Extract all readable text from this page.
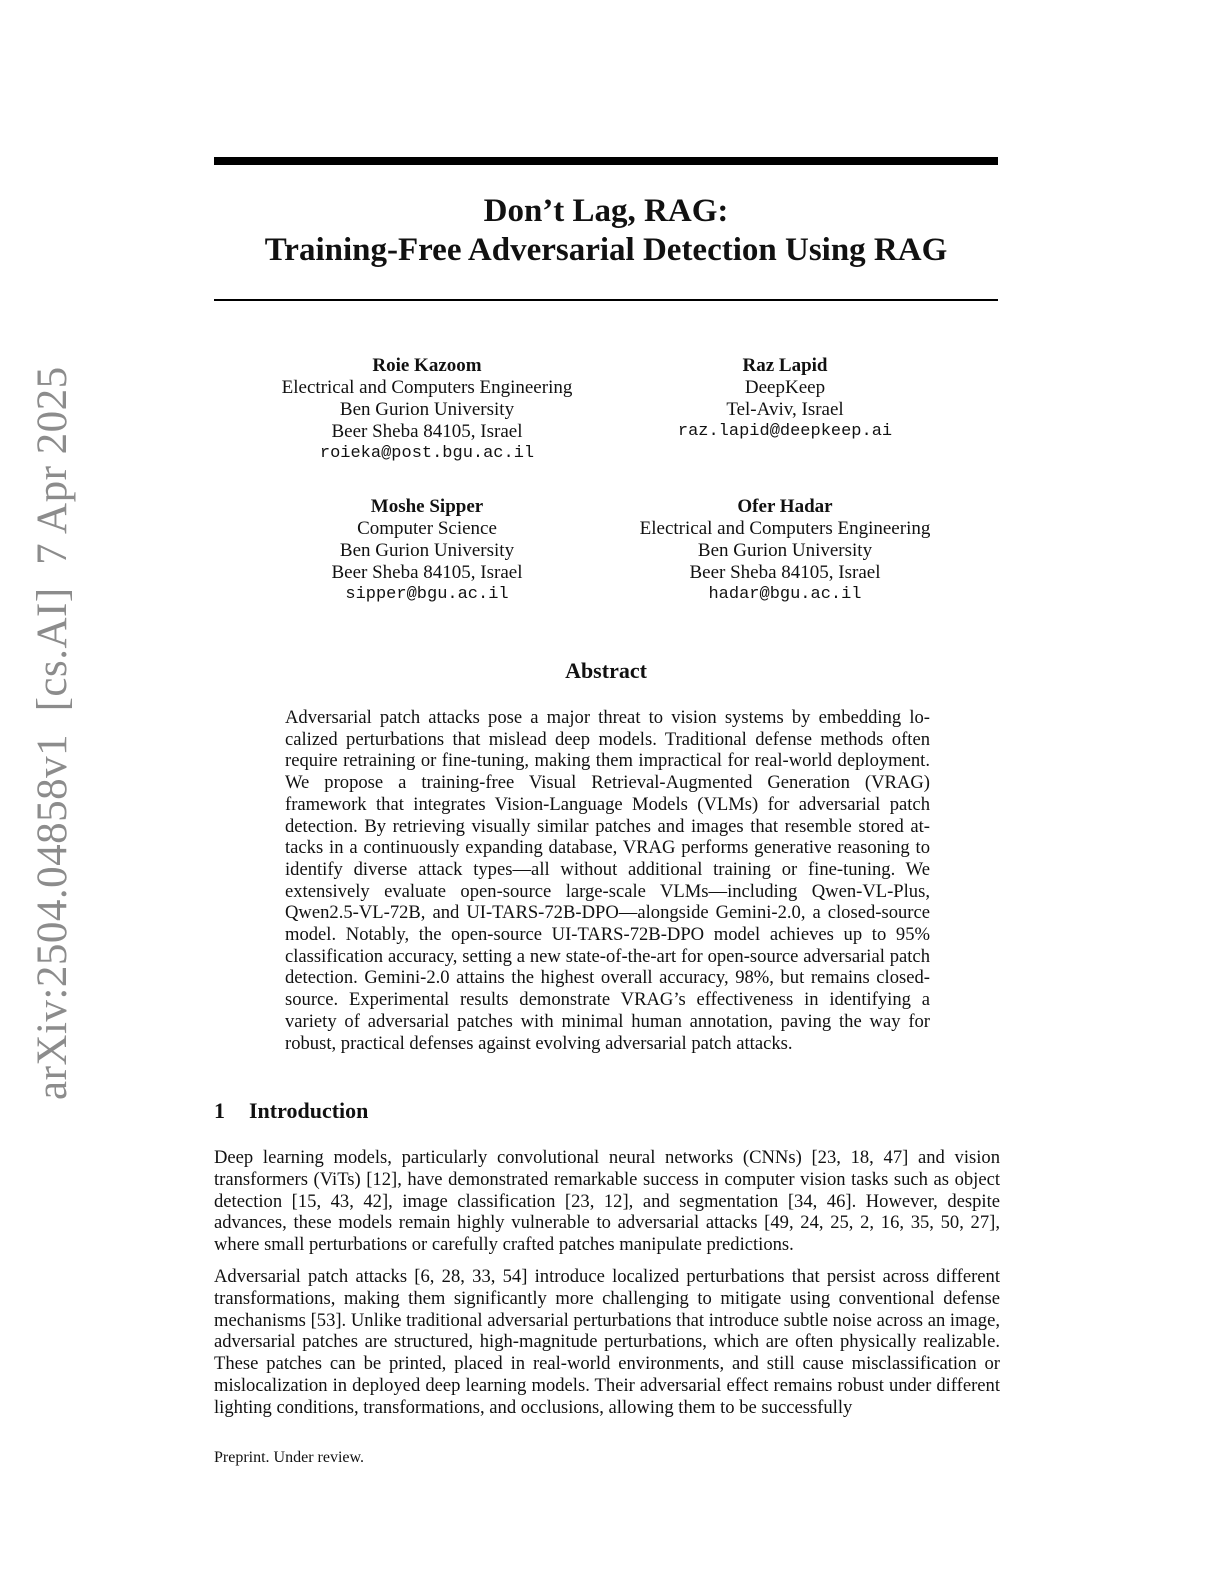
arXiv:2504.04858v1  [cs.AI]  7 Apr 2025
Don’t Lag, RAG:
Training-Free Adversarial Detection Using RAG
Roie Kazoom
Electrical and Computers Engineering
Ben Gurion University
Beer Sheba 84105, Israel
roieka@post.bgu.ac.il
Raz Lapid
DeepKeep
Tel-Aviv, Israel
raz.lapid@deepkeep.ai
Moshe Sipper
Computer Science
Ben Gurion University
Beer Sheba 84105, Israel
sipper@bgu.ac.il
Ofer Hadar
Electrical and Computers Engineering
Ben Gurion University
Beer Sheba 84105, Israel
hadar@bgu.ac.il
Abstract
Adversarial patch attacks pose a major threat to vision systems by embedding localized perturbations that mislead deep models. Traditional defense methods often require retraining or fine-tuning, making them impractical for real-world deployment. We propose a training-free Visual Retrieval-Augmented Generation (VRAG) framework that integrates Vision-Language Models (VLMs) for adversarial patch detection. By retrieving visually similar patches and images that resemble stored attacks in a continuously expanding database, VRAG performs generative reasoning to identify diverse attack types—all without additional training or fine-tuning. We extensively evaluate open-source large-scale VLMs—including Qwen-VL-Plus, Qwen2.5-VL-72B, and UI-TARS-72B-DPO—alongside Gemini-2.0, a closed-source model. Notably, the open-source UI-TARS-72B-DPO model achieves up to 95% classification accuracy, setting a new state-of-the-art for open-source adversarial patch detection. Gemini-2.0 attains the highest overall accuracy, 98%, but remains closed-source. Experimental results demonstrate VRAG’s effectiveness in identifying a variety of adversarial patches with minimal human annotation, paving the way for robust, practical defenses against evolving adversarial patch attacks.
1 Introduction
Deep learning models, particularly convolutional neural networks (CNNs) [23, 18, 47] and vision transformers (ViTs) [12], have demonstrated remarkable success in computer vision tasks such as object detection [15, 43, 42], image classification [23, 12], and segmentation [34, 46]. However, despite advances, these models remain highly vulnerable to adversarial attacks [49, 24, 25, 2, 16, 35, 50, 27], where small perturbations or carefully crafted patches manipulate predictions.
Adversarial patch attacks [6, 28, 33, 54] introduce localized perturbations that persist across different transformations, making them significantly more challenging to mitigate using conventional defense mechanisms [53]. Unlike traditional adversarial perturbations that introduce subtle noise across an image, adversarial patches are structured, high-magnitude perturbations, which are often physically realizable. These patches can be printed, placed in real-world environments, and still cause misclassification or mislocalization in deployed deep learning models. Their adversarial effect remains robust under different lighting conditions, transformations, and occlusions, allowing them to be successfully
Preprint. Under review.
